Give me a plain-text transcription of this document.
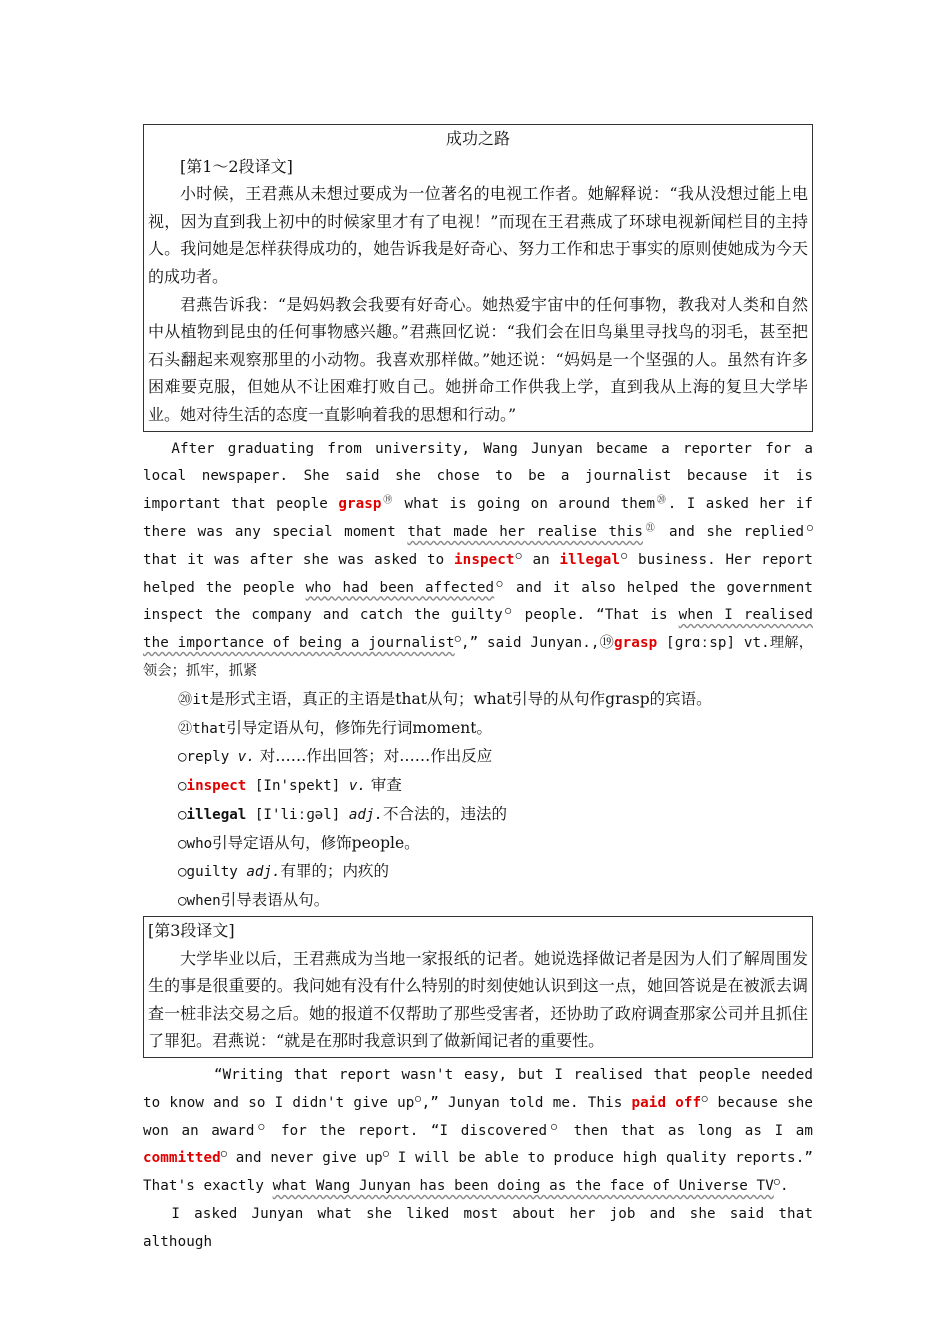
成功之路
[第1～2段译文]
小时候，王君燕从未想过要成为一位著名的电视工作者。她解释说：“我从没想过能上电视，因为直到我上初中的时候家里才有了电视！”而现在王君燕成了环球电视新闻栏目的主持人。我问她是怎样获得成功的，她告诉我是好奇心、努力工作和忠于事实的原则使她成为今天的成功者。
君燕告诉我：“是妈妈教会我要有好奇心。她热爱宇宙中的任何事物，教我对人类和自然中从植物到昆虫的任何事物感兴趣。”君燕回忆说：“我们会在旧鸟巢里寻找鸟的羽毛，甚至把石头翻起来观察那里的小动物。我喜欢那样做。”她还说：“妈妈是一个坚强的人。虽然有许多困难要克服，但她从不让困难打败自己。她拼命工作供我上学，直到我从上海的复旦大学毕业。她对待生活的态度一直影响着我的思想和行动。”
After graduating from university, Wang Junyan became a reporter for a local newspaper. She said she chose to be a journalist because it is important that people grasp⑲ what is going on around them⑳. I asked her if there was any special moment that made her realise this$^㉑$ and she replied○ that it was after she was asked to inspect○ an illegal○ business. Her report helped the people who had been affected○ and it also helped the government inspect the company and catch the guilty○ people. “That is when I realised the importance of being a journalist○,” said Junyan.,⑲grasp [ɡrɑːsp] vt.理解，领会；抓牢，抓紧
⑳it是形式主语，真正的主语是that从句；what引导的从句作grasp的宾语。
㉑that引导定语从句，修饰先行词moment。
○reply v. 对……作出回答；对……作出反应
○inspect [In'spekt] v. 审查
○illegal [I'liːɡəl] adj.不合法的，违法的
○who引导定语从句，修饰people。
○guilty adj.有罪的；内疚的
○when引导表语从句。
[第3段译文]
大学毕业以后，王君燕成为当地一家报纸的记者。她说选择做记者是因为人们了解周围发生的事是很重要的。我问她有没有什么特别的时刻使她认识到这一点，她回答说是在被派去调查一桩非法交易之后。她的报道不仅帮助了那些受害者，还协助了政府调查那家公司并且抓住了罪犯。君燕说：“就是在那时我意识到了做新闻记者的重要性。
“Writing that report wasn't easy, but I realised that people needed to know and so I didn't give up○,” Junyan told me. This paid off○ because she won an award○ for the report. “I discovered○ then that as long as I am committed○ and never give up○ I will be able to produce high quality reports.” That's exactly what Wang Junyan has been doing as the face of Universe TV○.
I asked Junyan what she liked most about her job and she said that although
